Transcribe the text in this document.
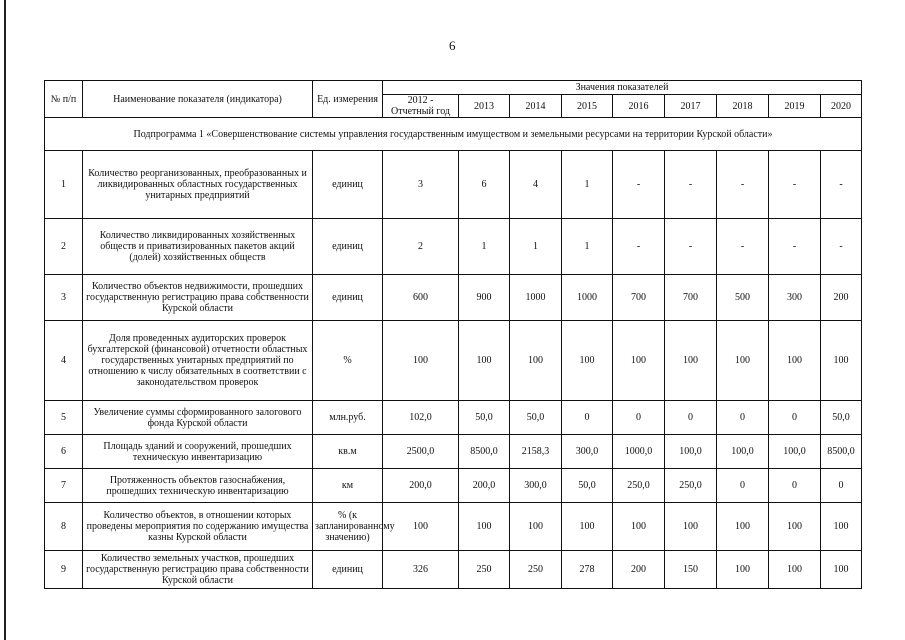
6
№ п/п	Наименование показателя (индикатора)	Ед. измерения	Значения показателей								
			2012 - Отчетный год	2013	2014	2015	2016	2017	2018	2019	2020
Подпрограмма 1 «Совершенствование системы управления государственным имуществом и земельными ресурсами на территории Курской области»											
1	Количество реорганизованных, преобразованных и ликвидированных областных государственных унитарных предприятий	единиц	3	6	4	1	-	-	-	-	-
2	Количество ликвидированных хозяйственных обществ и приватизированных пакетов акций (долей) хозяйственных обществ	единиц	2	1	1	1	-	-	-	-	-
3	Количество объектов недвижимости, прошедших государственную регистрацию права собственности Курской области	единиц	600	900	1000	1000	700	700	500	300	200
4	Доля проведенных аудиторских проверок бухгалтерской (финансовой) отчетности областных государственных унитарных предприятий по отношению к числу обязательных в соответствии с законодательством проверок	%	100	100	100	100	100	100	100	100	100
5	Увеличение суммы сформированного залогового фонда Курской области	млн.руб.	102,0	50,0	50,0	0	0	0	0	0	50,0
6	Площадь зданий и сооружений, прошедших техническую инвентаризацию	кв.м	2500,0	8500,0	2158,3	300,0	1000,0	100,0	100,0	100,0	8500,0
7	Протяженность объектов газоснабжения, прошедших техническую инвентаризацию	км	200,0	200,0	300,0	50,0	250,0	250,0	0	0	0
8	Количество объектов, в отношении которых проведены мероприятия по содержанию имущества казны Курской области	% (к запланированному значению)	100	100	100	100	100	100	100	100	100
9	Количество земельных участков, прошедших государственную регистрацию права собственности Курской области	единиц	326	250	250	278	200	150	100	100	100
